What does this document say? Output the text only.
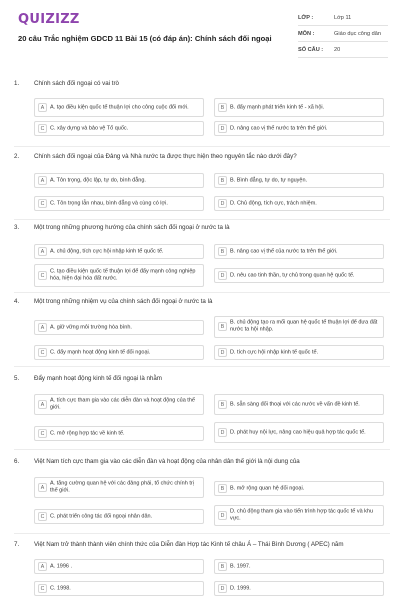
QUIZIZZ
20 câu Trắc nghiệm GDCD 11 Bài 15 (có đáp án): Chính sách đối ngoại
LỚP :	Lớp 11
MÔN :	Giáo dục công dân
SỐ CÂU : 20
1. Chính sách đối ngoại có vai trò
A	A. tạo điều kiện quốc tế thuận lợi cho công cuộc đổi mới.	B	B. đẩy mạnh phát triển kinh tế - xã hội.
C	C. xây dựng và bảo vệ Tổ quốc.	D	D. nâng cao vị thế nước ta trên thế giới.
2. Chính sách đối ngoại của Đảng và Nhà nước ta được thực hiện theo nguyên tắc nào dưới đây?
A	A. Tôn trọng, độc lập, tự do, bình đẳng.	B	B. Bình đẳng, tự do, tự nguyện.
C	C. Tôn trọng lẫn nhau, bình đẳng và cùng có lợi.	D	D. Chủ động, tích cực, trách nhiệm.
3. Một trong những phương hướng của chính sách đối ngoại ở nước ta là
A	A. chủ động, tích cực hội nhập kinh tế quốc tế.	B	B. nâng cao vị thế của nước ta trên thế giới.
C
C. tạo điều kiện quốc tế thuận lợi để đẩy mạnh công nghiệp hóa, hiện đại hóa đất nước.	D	D. nêu cao tinh thần, tự chủ trong quan hệ quốc tế.
4. Một trong những nhiệm vụ của chính sách đối ngoại ở nước ta là
A	A. giữ vững môi trường hòa bình.	B
B. chủ động tạo ra mối quan hệ quốc tế thuận lợi để đưa đất nước ta hội nhập.
C	C. đẩy mạnh hoạt động kinh tế đối ngoại.	D	D. tích cực hội nhập kinh tế quốc tế.
5. Đẩy mạnh hoạt động kinh tế đối ngoại là nhằm
A
A. tích cực tham gia vào các diễn đàn và hoạt động của thế giới.	B	B. sẵn sàng đối thoại với các nước về vấn đề kinh tế.
C	C. mở rộng hợp tác về kinh tế.	D	D. phát huy nội lực, nâng cao hiệu quả hợp tác quốc tế.
6. Việt Nam tích cực tham gia vào các diễn đàn và hoạt động của nhân dân thế giới là nội dung của
A
A. tăng cường quan hệ với các đảng phái, tổ chức chính trị thế giới.	B	B. mở rộng quan hệ đối ngoại.
C	C. phát triển công tác đối ngoại nhân dân.	D
D. chủ động tham gia vào tiến trình hợp tác quốc tế và khu vực.
7. Việt Nam trở thành thành viên chính thức của Diễn đàn Hợp tác Kinh tế châu Á – Thái Bình Dương ( APEC) năm
A	A. 1996 .	B	B. 1997.
C	C. 1998.	D	D. 1999.
